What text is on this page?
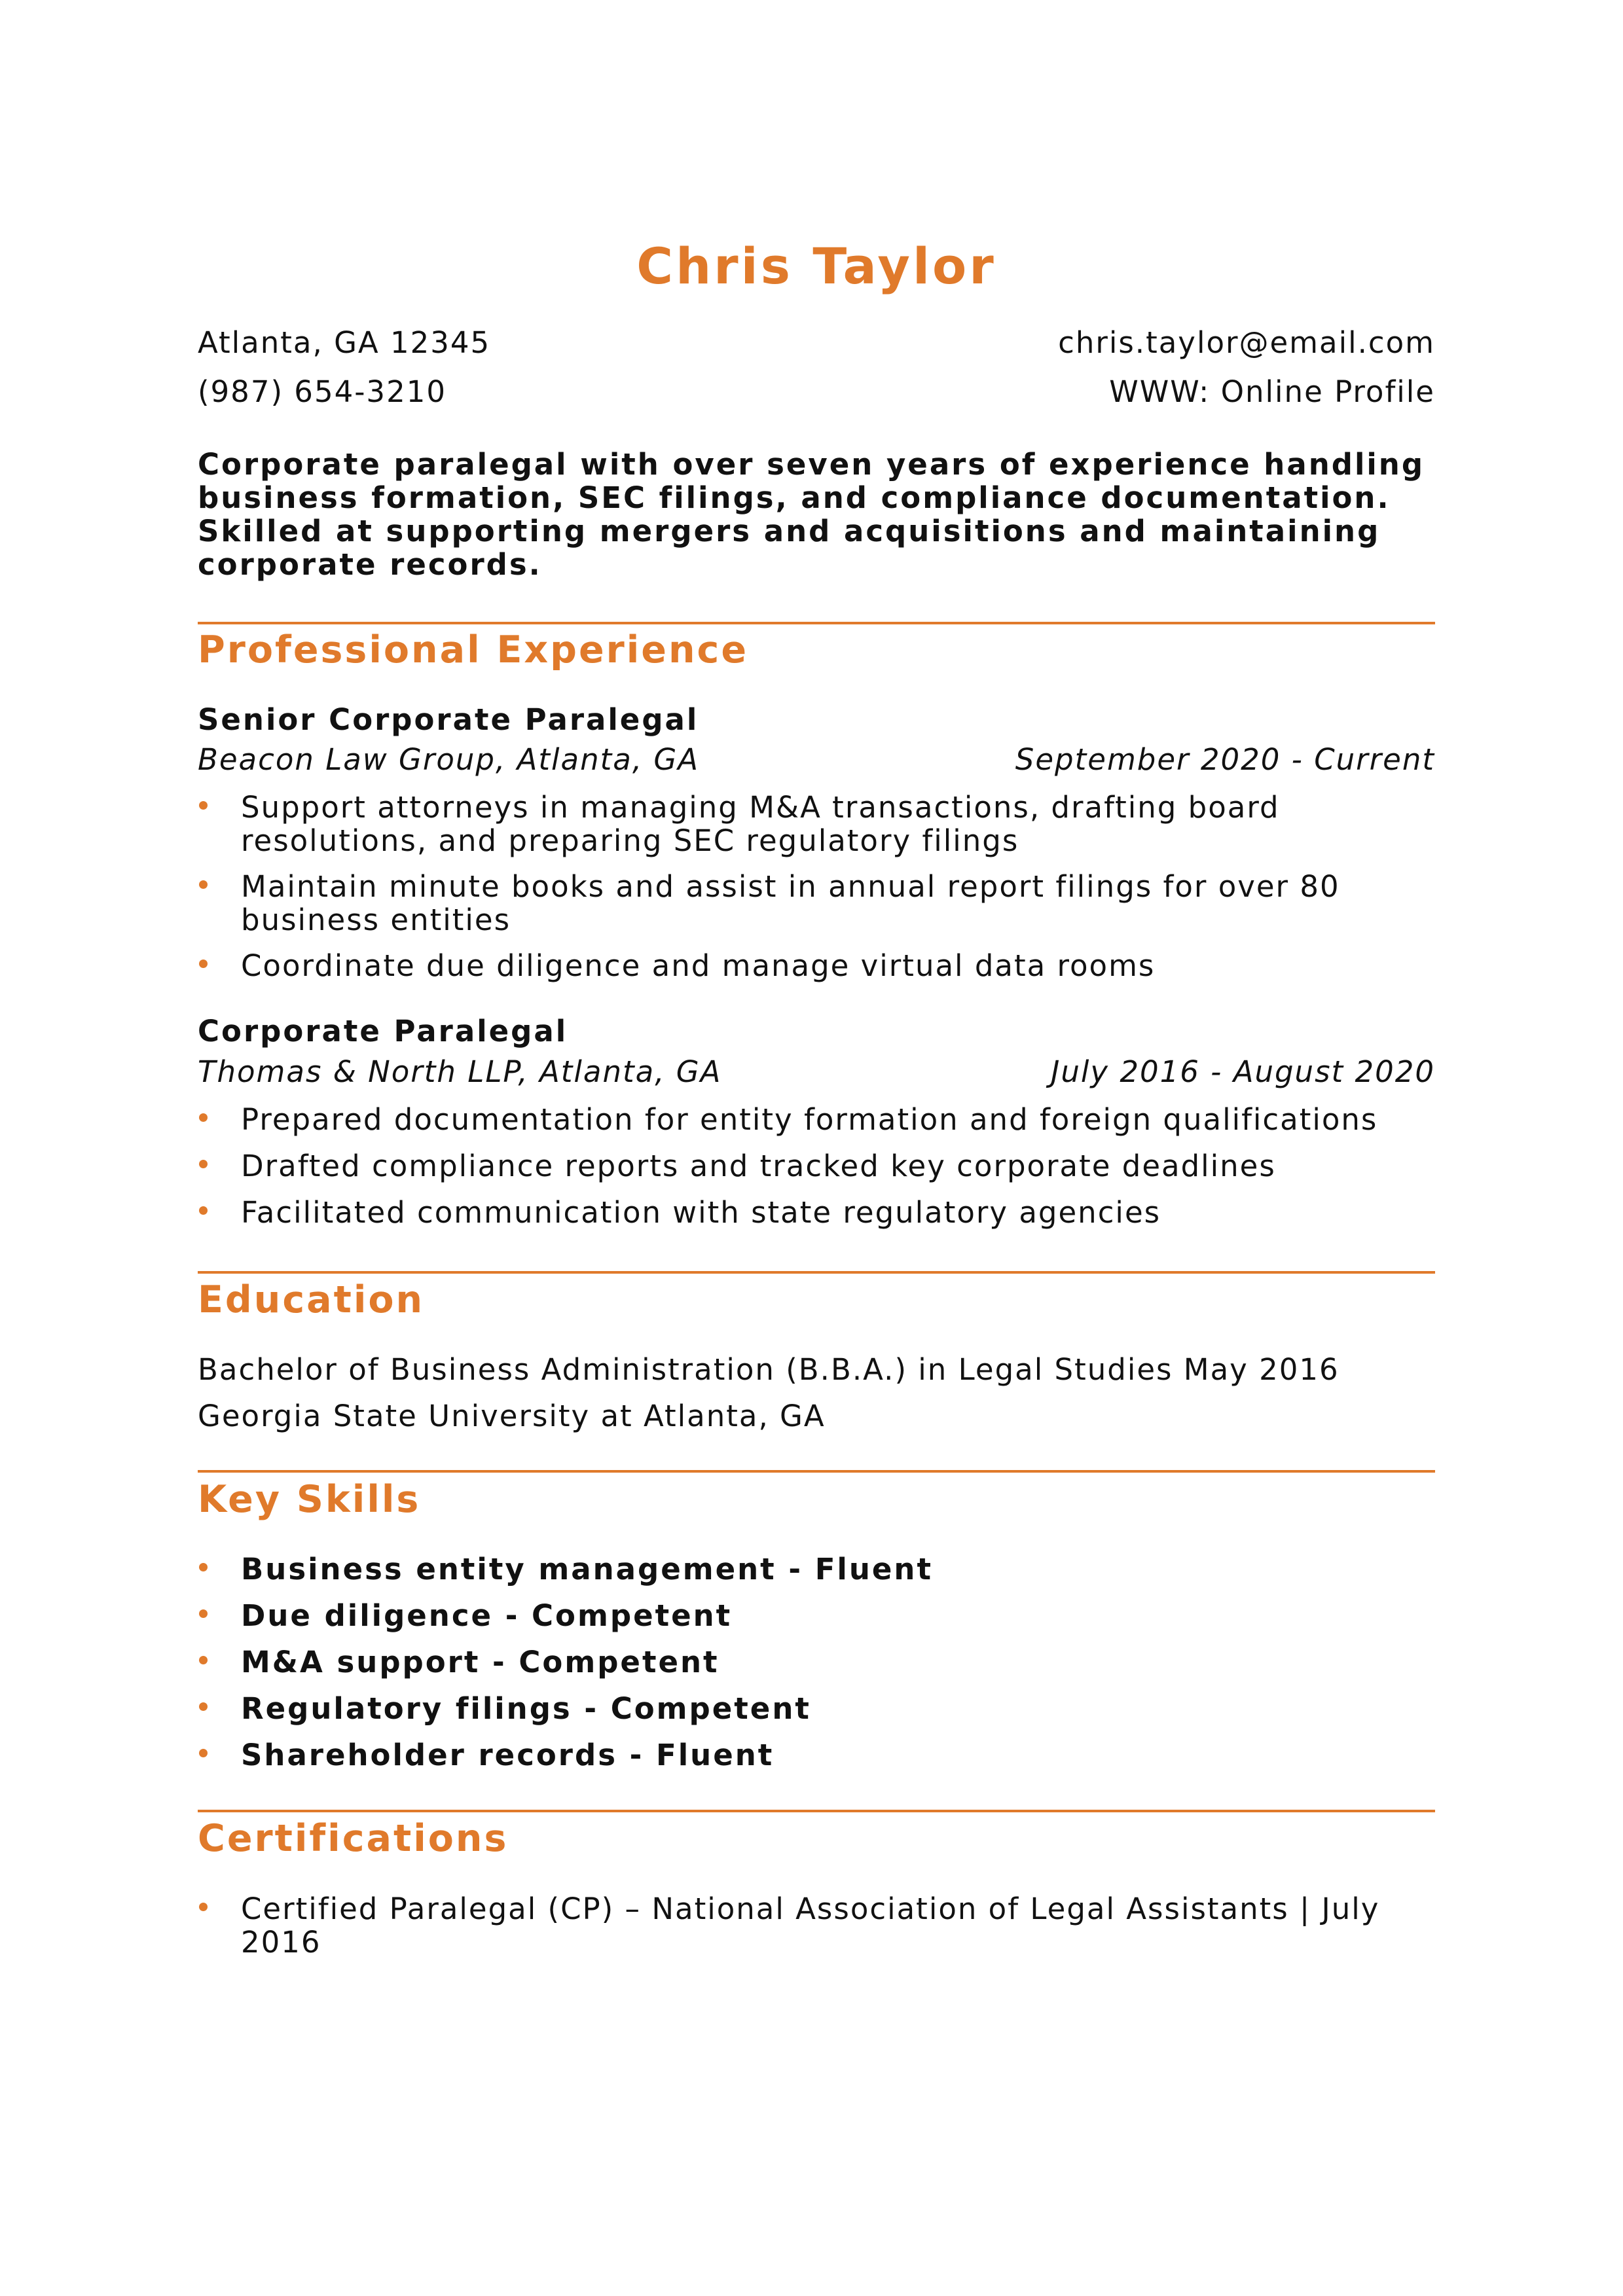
Chris Taylor
Atlanta, GA 12345	chris.taylor@email.com
(987) 654-3210	WWW: Online Profile
Corporate paralegal with over seven years of experience handling business formation, SEC filings, and compliance documentation. Skilled at supporting mergers and acquisitions and maintaining corporate records.
Professional Experience
Senior Corporate Paralegal
Beacon Law Group, Atlanta, GA	September 2020 - Current
Support attorneys in managing M&A transactions, drafting board resolutions, and preparing SEC regulatory filings
Maintain minute books and assist in annual report filings for over 80 business entities
Coordinate due diligence and manage virtual data rooms
Corporate Paralegal
Thomas & North LLP, Atlanta, GA	July 2016 - August 2020
Prepared documentation for entity formation and foreign qualifications
Drafted compliance reports and tracked key corporate deadlines
Facilitated communication with state regulatory agencies
Education
Bachelor of Business Administration (B.B.A.) in Legal Studies May 2016
Georgia State University at Atlanta, GA
Key Skills
Business entity management - Fluent
Due diligence - Competent
M&A support - Competent
Regulatory filings - Competent
Shareholder records - Fluent
Certifications
Certified Paralegal (CP) – National Association of Legal Assistants | July 2016
